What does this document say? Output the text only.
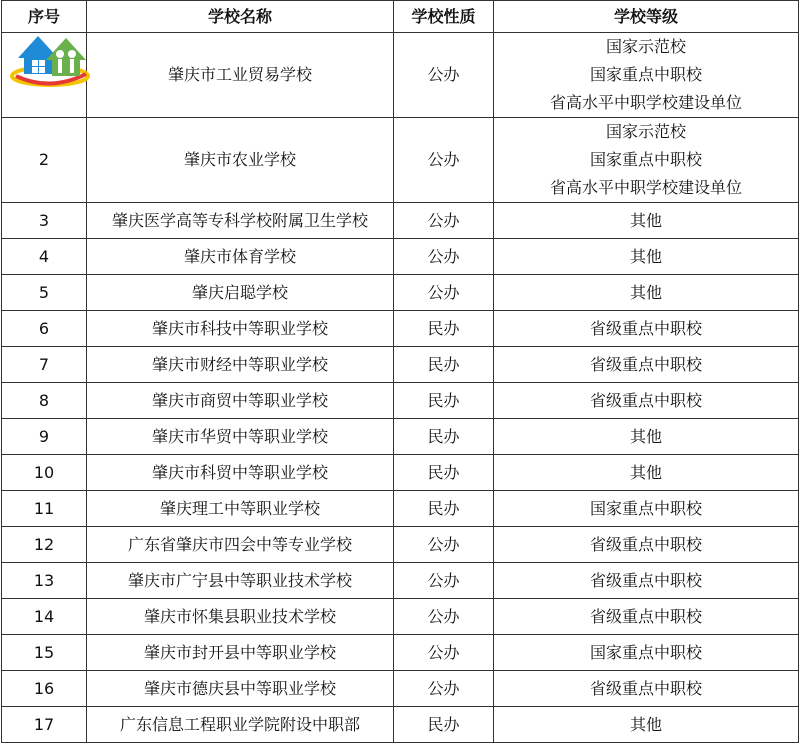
序号	学校名称	学校性质	学校等级
	肇庆市工业贸易学校	公办	国家示范校
国家重点中职校
省高水平中职学校建设单位

2	肇庆市农业学校	公办	国家示范校
国家重点中职校
省高水平中职学校建设单位

3	肇庆医学高等专科学校附属卫生学校	公办	其他

4	肇庆市体育学校	公办	其他

5	肇庆启聪学校	公办	其他

6	肇庆市科技中等职业学校	民办	省级重点中职校

7	肇庆市财经中等职业学校	民办	省级重点中职校

8	肇庆市商贸中等职业学校	民办	省级重点中职校

9	肇庆市华贸中等职业学校	民办	其他

10	肇庆市科贸中等职业学校	民办	其他

11	肇庆理工中等职业学校	民办	国家重点中职校

12	广东省肇庆市四会中等专业学校	公办	省级重点中职校

13	肇庆市广宁县中等职业技术学校	公办	省级重点中职校

14	肇庆市怀集县职业技术学校	公办	省级重点中职校

15	肇庆市封开县中等职业学校	公办	国家重点中职校

16	肇庆市德庆县中等职业学校	公办	省级重点中职校

17	广东信息工程职业学院附设中职部	民办	其他
